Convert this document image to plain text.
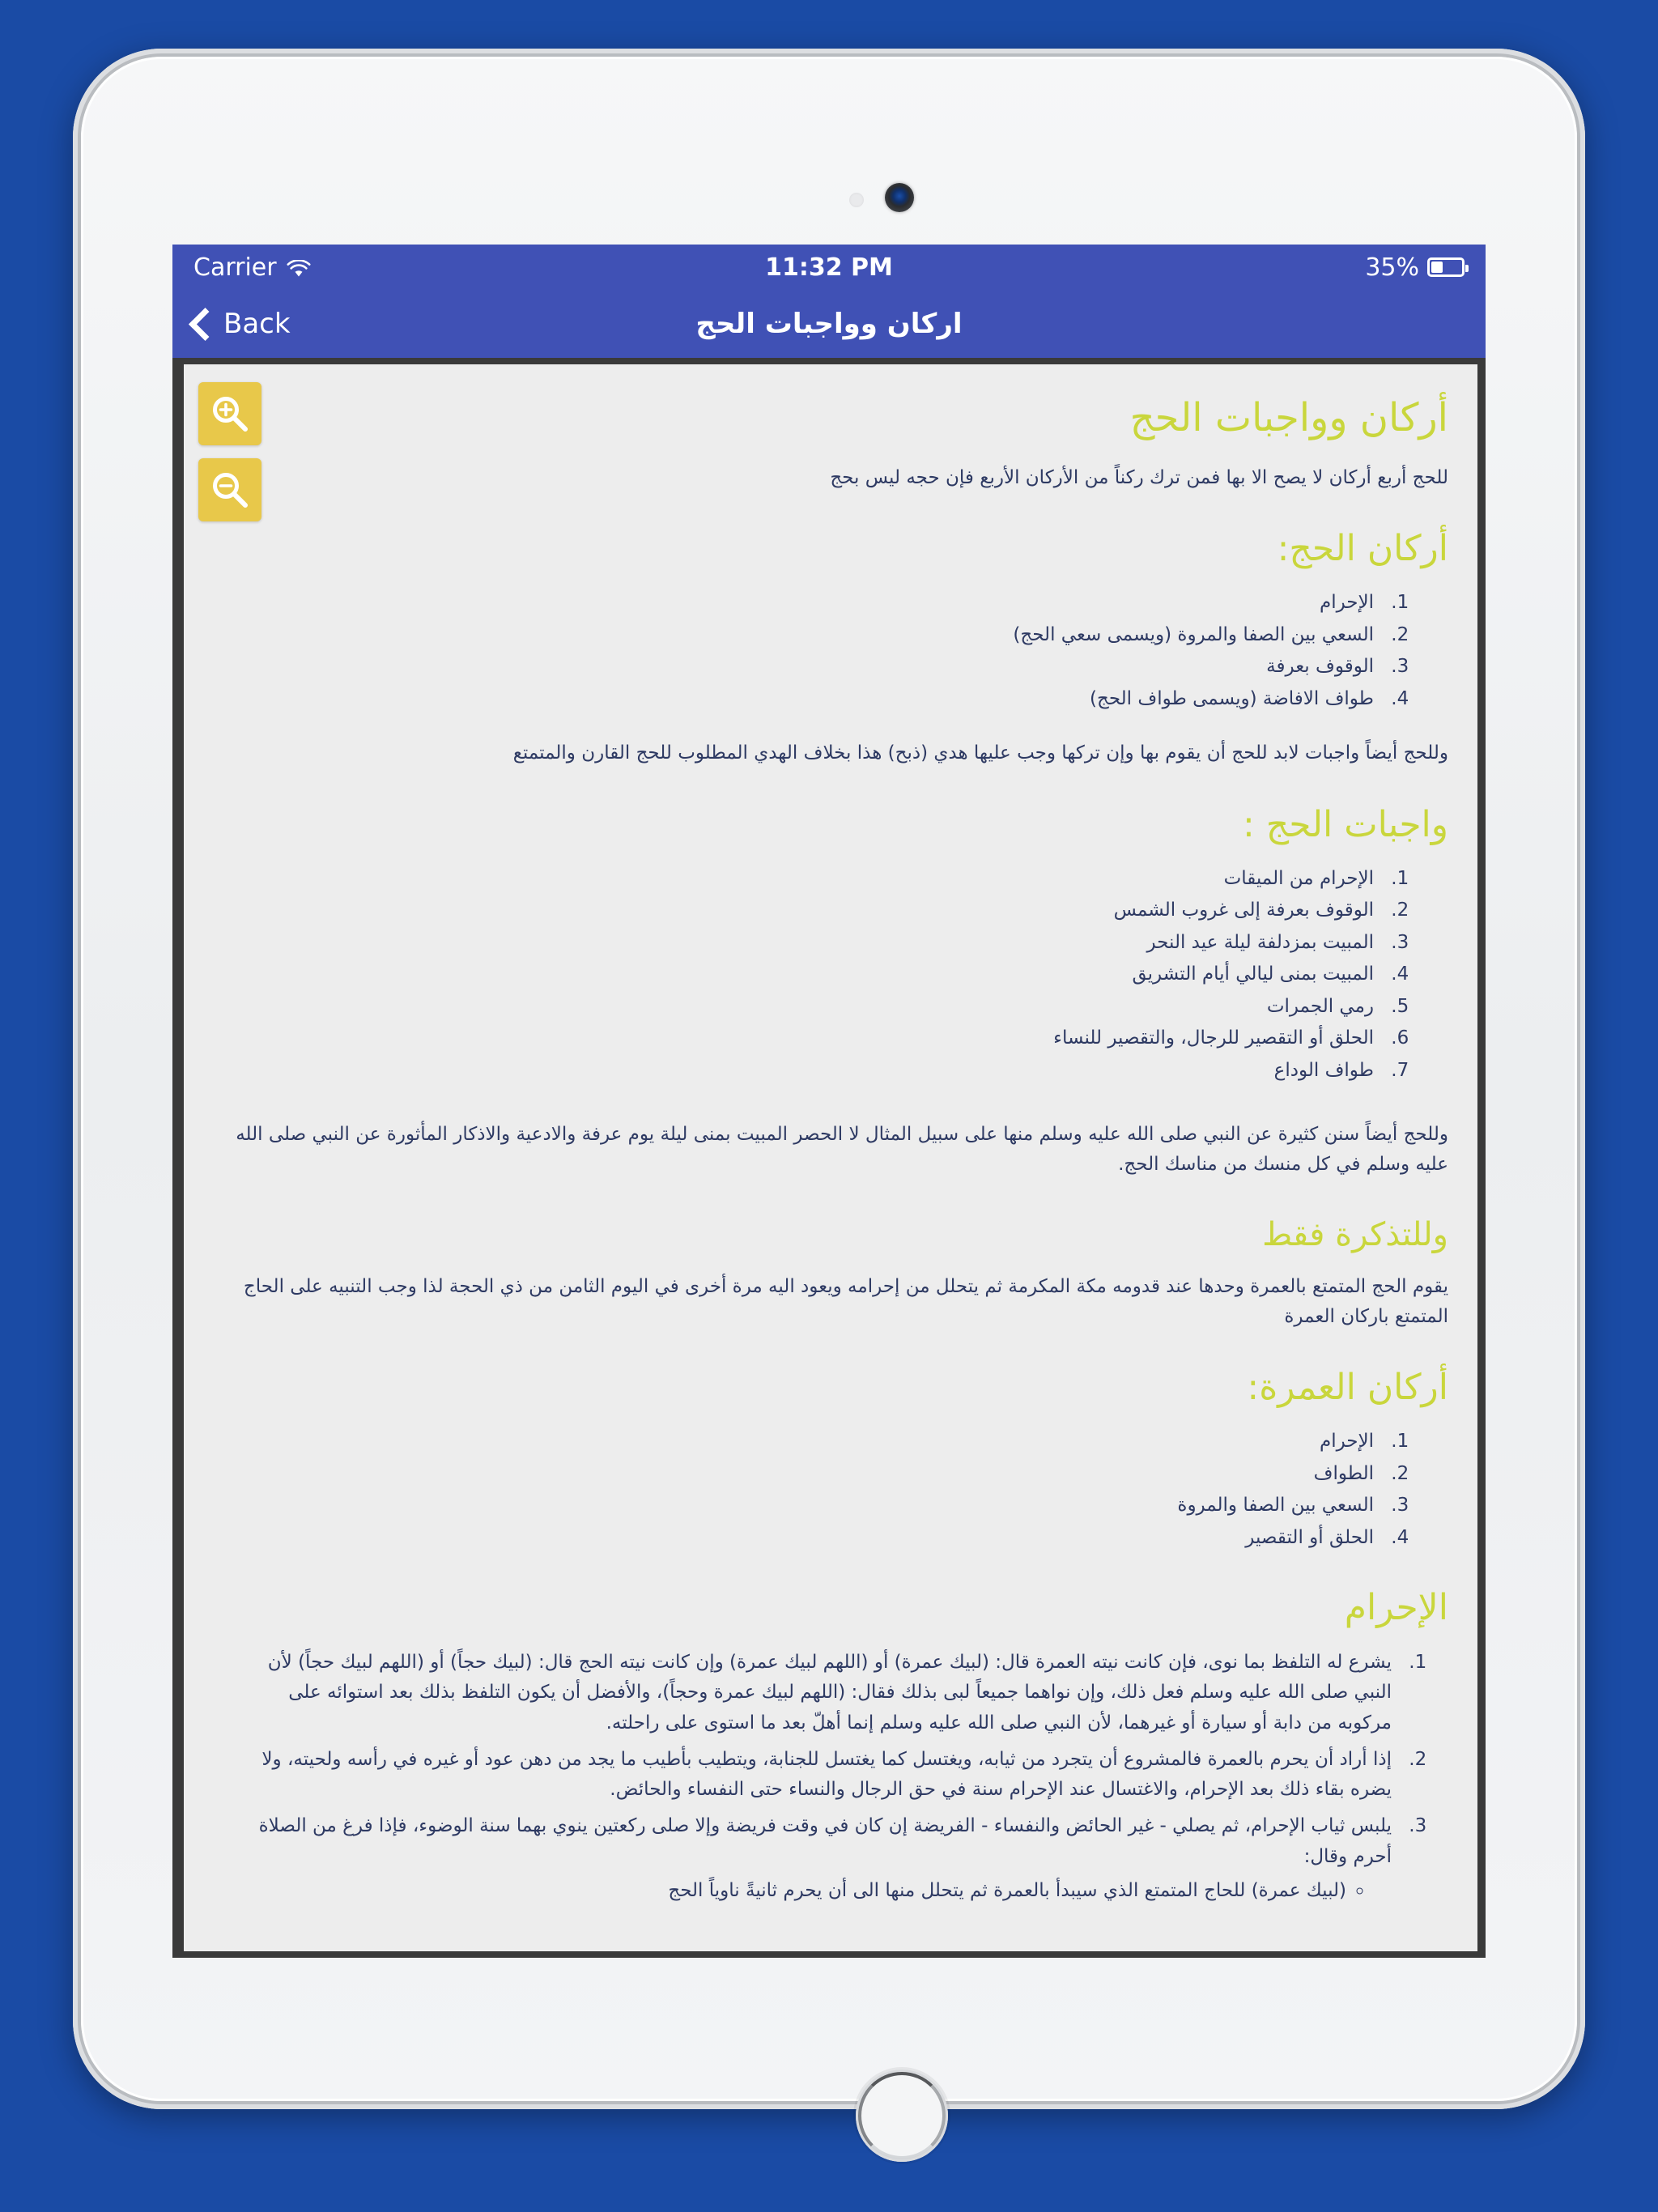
Carrier	11:32 PM	35%
Back	اركان وواجبات الحج
أركان وواجبات الحج

للحج أربع أركان لا يصح الا بها فمن ترك ركناً من الأركان الأربع فإن حجه ليس بحج

أركان الحج:
1. الإحرام
2. السعي بين الصفا والمروة (ويسمى سعي الحج)
3. الوقوف بعرفة
4. طواف الافاضة (ويسمى طواف الحج)

وللحج أيضاً واجبات لابد للحج أن يقوم بها وإن تركها وجب عليها هدي (ذبح) هذا بخلاف الهدي المطلوب للحج القارن والمتمتع

واجبات الحج :
1. الإحرام من الميقات
2. الوقوف بعرفة إلى غروب الشمس
3. المبيت بمزدلفة ليلة عيد النحر
4. المبيت بمنى ليالي أيام التشريق
5. رمي الجمرات
6. الحلق أو التقصير للرجال، والتقصير للنساء
7. طواف الوداع

وللحج أيضاً سنن كثيرة عن النبي صلى الله عليه وسلم منها على سبيل المثال لا الحصر المبيت بمنى ليلة يوم عرفة والادعية والاذكار المأثورة عن النبي صلى الله عليه وسلم في كل منسك من مناسك الحج.

وللتذكرة فقط

يقوم الحج المتمتع بالعمرة وحدها عند قدومه مكة المكرمة ثم يتحلل من إحرامه ويعود اليه مرة أخرى في اليوم الثامن من ذي الحجة لذا وجب التنبيه على الحاج المتمتع باركان العمرة

أركان العمرة:
1. الإحرام
2. الطواف
3. السعي بين الصفا والمروة
4. الحلق أو التقصير
الإحرام
1. يشرع له التلفظ بما نوى، فإن كانت نيته العمرة قال: (لبيك عمرة) أو (اللهم لبيك عمرة) وإن كانت نيته الحج قال: (لبيك حجاً) أو (اللهم لبيك حجاً) لأن النبي صلى الله عليه وسلم فعل ذلك، وإن نواهما جميعاً لبى بذلك فقال: (اللهم لبيك عمرة وحجاً)، والأفضل أن يكون التلفظ بذلك بعد استوائه على مركوبه من دابة أو سيارة أو غيرهما، لأن النبي صلى الله عليه وسلم إنما أهلّ بعد ما استوى على راحلته.
2. إذا أراد أن يحرم بالعمرة فالمشروع أن يتجرد من ثيابه، ويغتسل كما يغتسل للجنابة، ويتطيب بأطيب ما يجد من دهن عود أو غيره في رأسه ولحيته، ولا يضره بقاء ذلك بعد الإحرام، والاغتسال عند الإحرام سنة في حق الرجال والنساء حتى النفساء والحائض.
3. يلبس ثياب الإحرام، ثم يصلي - غير الحائض والنفساء - الفريضة إن كان في وقت فريضة وإلا صلى ركعتين ينوي بهما سنة الوضوء، فإذا فرغ من الصلاة أحرم وقال:
◦ (لبيك عمرة) للحاج المتمتع الذي سيبدأ بالعمرة ثم يتحلل منها الى أن يحرم ثانيةً ناوياً الحج
